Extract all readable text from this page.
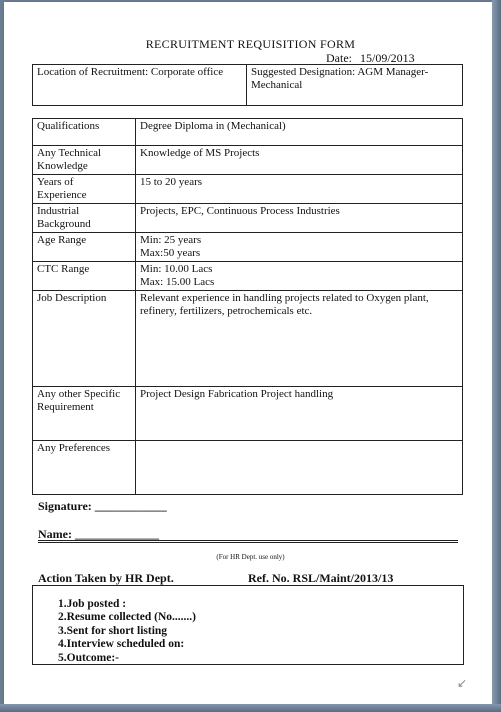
RECRUITMENT REQUISITION FORM
Date: 15/09/2013
Location of Recruitment: Corporate office	Suggested Designation: AGM Manager-
Mechanical
Qualifications	Degree Diploma in (Mechanical)
Any Technical
Knowledge	Knowledge of MS Projects
Years of
Experience	15 to 20 years
Industrial
Background	Projects, EPC, Continuous Process Industries
Age Range	Min: 25 years
Max:50 years
CTC Range	Min: 10.00 Lacs
Max: 15.00 Lacs
Job Description	Relevant experience in handling projects related to Oxygen plant,
refinery, fertilizers, petrochemicals etc.
Any other Specific
Requirement	Project Design Fabrication Project handling
Any Preferences	
Signature: ____________
Name: ______________
(For HR Dept. use only)
Action Taken by HR Dept.	Ref. No. RSL/Maint/2013/13
1.Job posted :
2.Resume collected (No.......)
3.Sent for short listing
4.Interview scheduled on:
5.Outcome:-
↙
